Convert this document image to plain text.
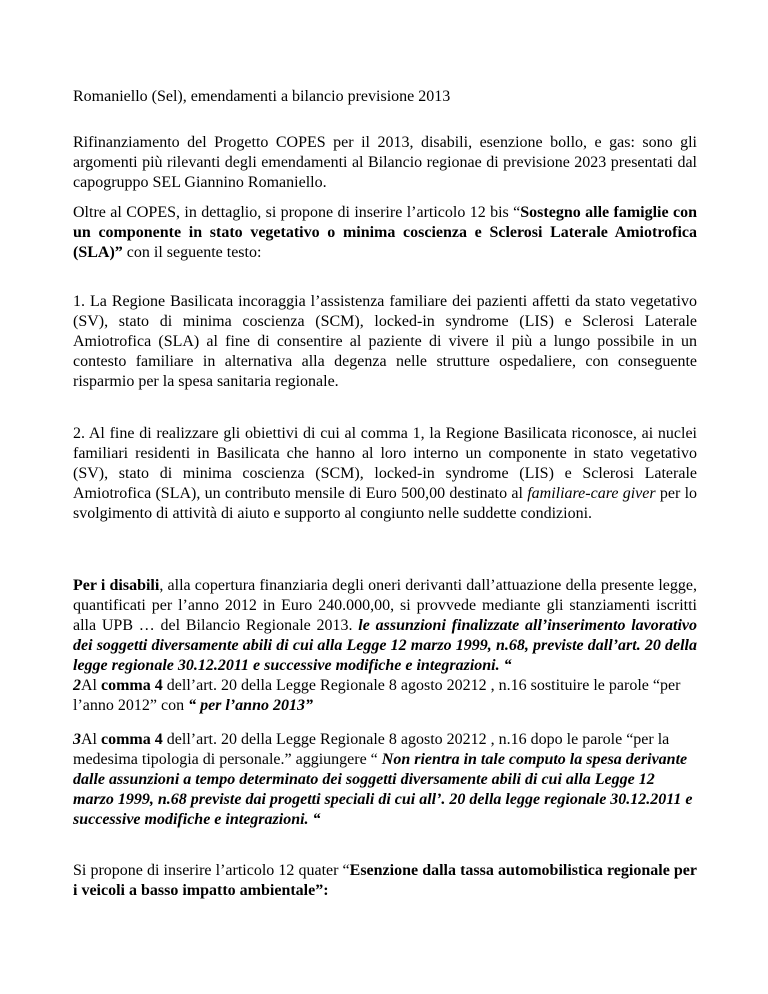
Romaniello (Sel), emendamenti a bilancio previsione 2013

Rifinanziamento del Progetto COPES per il 2013, disabili, esenzione bollo, e gas: sono gli argomenti più rilevanti degli emendamenti al Bilancio regionae di previsione 2023 presentati dal capogruppo SEL Giannino Romaniello.

Oltre al COPES, in dettaglio, si propone di inserire l’articolo 12 bis “Sostegno alle famiglie con un componente in stato vegetativo o minima coscienza e Sclerosi Laterale Amiotrofica (SLA)” con il seguente testo:

1. La Regione Basilicata incoraggia l’assistenza familiare dei pazienti affetti da stato vegetativo (SV), stato di minima coscienza (SCM), locked-in syndrome (LIS) e Sclerosi Laterale Amiotrofica (SLA) al fine di consentire al paziente di vivere il più a lungo possibile in un contesto familiare in alternativa alla degenza nelle strutture ospedaliere, con conseguente risparmio per la spesa sanitaria regionale.

2. Al fine di realizzare gli obiettivi di cui al comma 1, la Regione Basilicata riconosce, ai nuclei familiari residenti in Basilicata che hanno al loro interno un componente in stato vegetativo (SV), stato di minima coscienza (SCM), locked-in syndrome (LIS) e Sclerosi Laterale Amiotrofica (SLA), un contributo mensile di Euro 500,00 destinato al familiare-care giver per lo svolgimento di attività di aiuto e supporto al congiunto nelle suddette condizioni.

Per i disabili, alla copertura finanziaria degli oneri derivanti dall’attuazione della presente legge, quantificati per l’anno 2012 in Euro 240.000,00, si provvede mediante gli stanziamenti iscritti alla UPB … del Bilancio Regionale 2013. le assunzioni finalizzate all’inserimento lavorativo dei soggetti diversamente abili di cui alla Legge 12 marzo 1999, n.68, previste dall’art. 20 della legge regionale 30.12.2011 e successive modifiche e integrazioni. “

2Al comma 4 dell’art. 20 della Legge Regionale 8 agosto 20212 , n.16 sostituire le parole “per l’anno 2012” con “ per l’anno 2013”

3Al comma 4 dell’art. 20 della Legge Regionale 8 agosto 20212 , n.16 dopo le parole “per la medesima tipologia di personale.” aggiungere “ Non rientra in tale computo la spesa derivante dalle assunzioni a tempo determinato dei soggetti diversamente abili di cui alla Legge 12 marzo 1999, n.68 previste dai progetti speciali di cui all’. 20 della legge regionale 30.12.2011 e successive modifiche e integrazioni. “

Si propone di inserire l’articolo 12 quater “Esenzione dalla tassa automobilistica regionale per i veicoli a basso impatto ambientale”:
